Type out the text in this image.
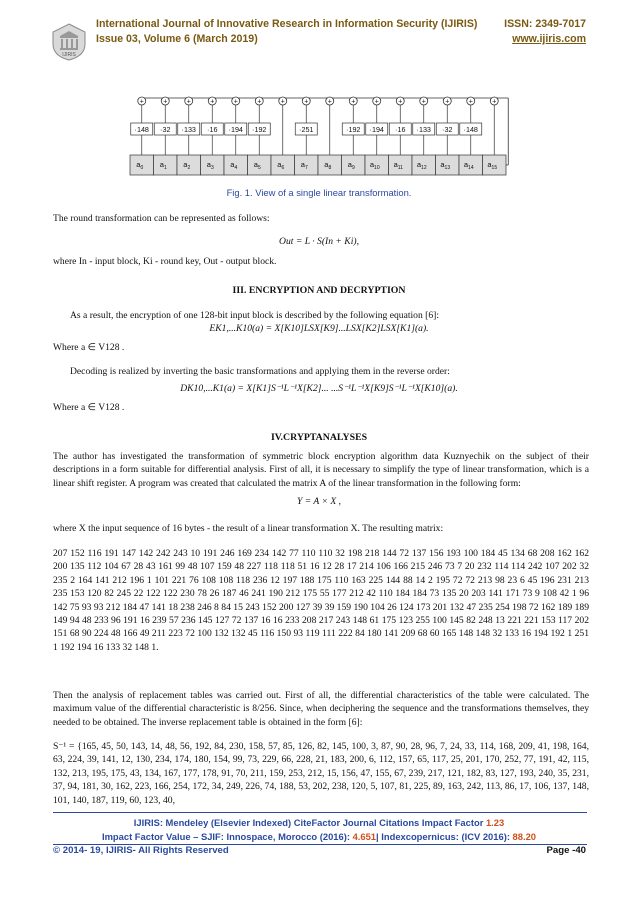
IJIRIS
International Journal of Innovative Research in Information Security (IJIRIS)
Issue 03, Volume 6 (March 2019)
ISSN: 2349-7017
www.ijiris.com
+
·148
$a_0$
+
·32
$a_1$
+
·133
$a_2$
+
·16
$a_3$
+
·194
$a_4$
+
·192
$a_5$
+
$a_6$
+
·251
$a_7$
+
$a_8$
+
·192
$a_9$
+
·194
$a_{10}$
+
·16
$a_{11}$
+
·133
$a_{12}$
+
·32
$a_{13}$
+
·148
$a_{14}$
+
$a_{15}$
Fig. 1. View of a single linear transformation.
The round transformation can be represented as follows:
Out = L · S(In + Ki),
where In - input block, Ki - round key, Out - output block.
III. ENCRYPTION AND DECRYPTION
As a result, the encryption of one 128-bit input block is described by the following equation [6]:
EK1,...K10(a) = X[K10]LSX[K9]...LSX[K2]LSX[K1](a).
Where a ∈ V128 .
Decoding is realized by inverting the basic transformations and applying them in the reverse order:
DK10,...K1(a) = X[K1]S⁻¹L⁻¹X[K2]... ...S⁻¹L⁻¹X[K9]S⁻¹L⁻¹X[K10](a).
Where a ∈ V128 .
IV.CRYPTANALYSES
The author has investigated the transformation of symmetric block encryption algorithm data Kuznyechik on the subject of their descriptions in a form suitable for differential analysis. First of all, it is necessary to simplify the type of linear transformation, which is a linear shift register. A program was created that calculated the matrix A of the linear transformation in the following form:
Y = A × X ,
where X the input sequence of 16 bytes - the result of a linear transformation X. The resulting matrix:
207 152 116 191 147 142 242 243 10 191 246 169 234 142 77 110 110 32 198 218 144 72 137 156 193 100 184 45 134 68 208 162 162 200 135 112 104 67 28 43 161 99 48 107 159 48 227 118 118 51 16 12 28 17 214 106 166 215 246 73 7 20 232 114 114 242 107 202 32 235 2 164 141 212 196 1 101 221 76 108 108 118 236 12 197 188 175 110 163 225 144 88 14 2 195 72 72 213 98 23 6 45 196 231 213 235 153 120 82 245 22 122 122 230 78 26 187 46 241 190 212 175 55 177 212 42 110 184 184 73 135 20 203 141 171 73 9 108 42 1 96 142 75 93 93 212 184 47 141 18 238 246 8 84 15 243 152 200 127 39 39 159 190 104 26 124 173 201 132 47 235 254 198 72 162 189 189 149 94 48 233 96 191 16 239 57 236 145 127 72 137 16 16 233 208 217 243 148 61 175 123 255 100 145 82 248 13 221 221 153 117 202 151 68 90 224 48 166 49 211 223 72 100 132 132 45 116 150 93 119 111 222 84 180 141 209 68 60 165 148 148 32 133 16 194 192 1 251 1 192 194 16 133 32 148 1.
Then the analysis of replacement tables was carried out. First of all, the differential characteristics of the table were calculated. The maximum value of the differential characteristic is 8/256. Since, when deciphering the sequence and the transformations themselves, they needed to be obtained. The inverse replacement table is obtained in the form [6]:
S⁻¹ = {165, 45, 50, 143, 14, 48, 56, 192, 84, 230, 158, 57, 85, 126, 82, 145, 100, 3, 87, 90, 28, 96, 7, 24, 33, 114, 168, 209, 41, 198, 164, 63, 224, 39, 141, 12, 130, 234, 174, 180, 154, 99, 73, 229, 66, 228, 21, 183, 200, 6, 112, 157, 65, 117, 25, 201, 170, 252, 77, 191, 42, 115, 132, 213, 195, 175, 43, 134, 167, 177, 178, 91, 70, 211, 159, 253, 212, 15, 156, 47, 155, 67, 239, 217, 121, 182, 83, 127, 193, 240, 35, 231, 37, 94, 181, 30, 162, 223, 166, 254, 172, 34, 249, 226, 74, 188, 53, 202, 238, 120, 5, 107, 81, 225, 89, 163, 242, 113, 86, 17, 106, 137, 148, 101, 140, 187, 119, 60, 123, 40,
IJIRIS: Mendeley (Elsevier Indexed) CiteFactor Journal Citations Impact Factor 1.23
Impact Factor Value – SJIF: Innospace, Morocco (2016): 4.651| Indexcopernicus: (ICV 2016): 88.20
© 2014- 19, IJIRIS- All Rights Reserved	Page -40
